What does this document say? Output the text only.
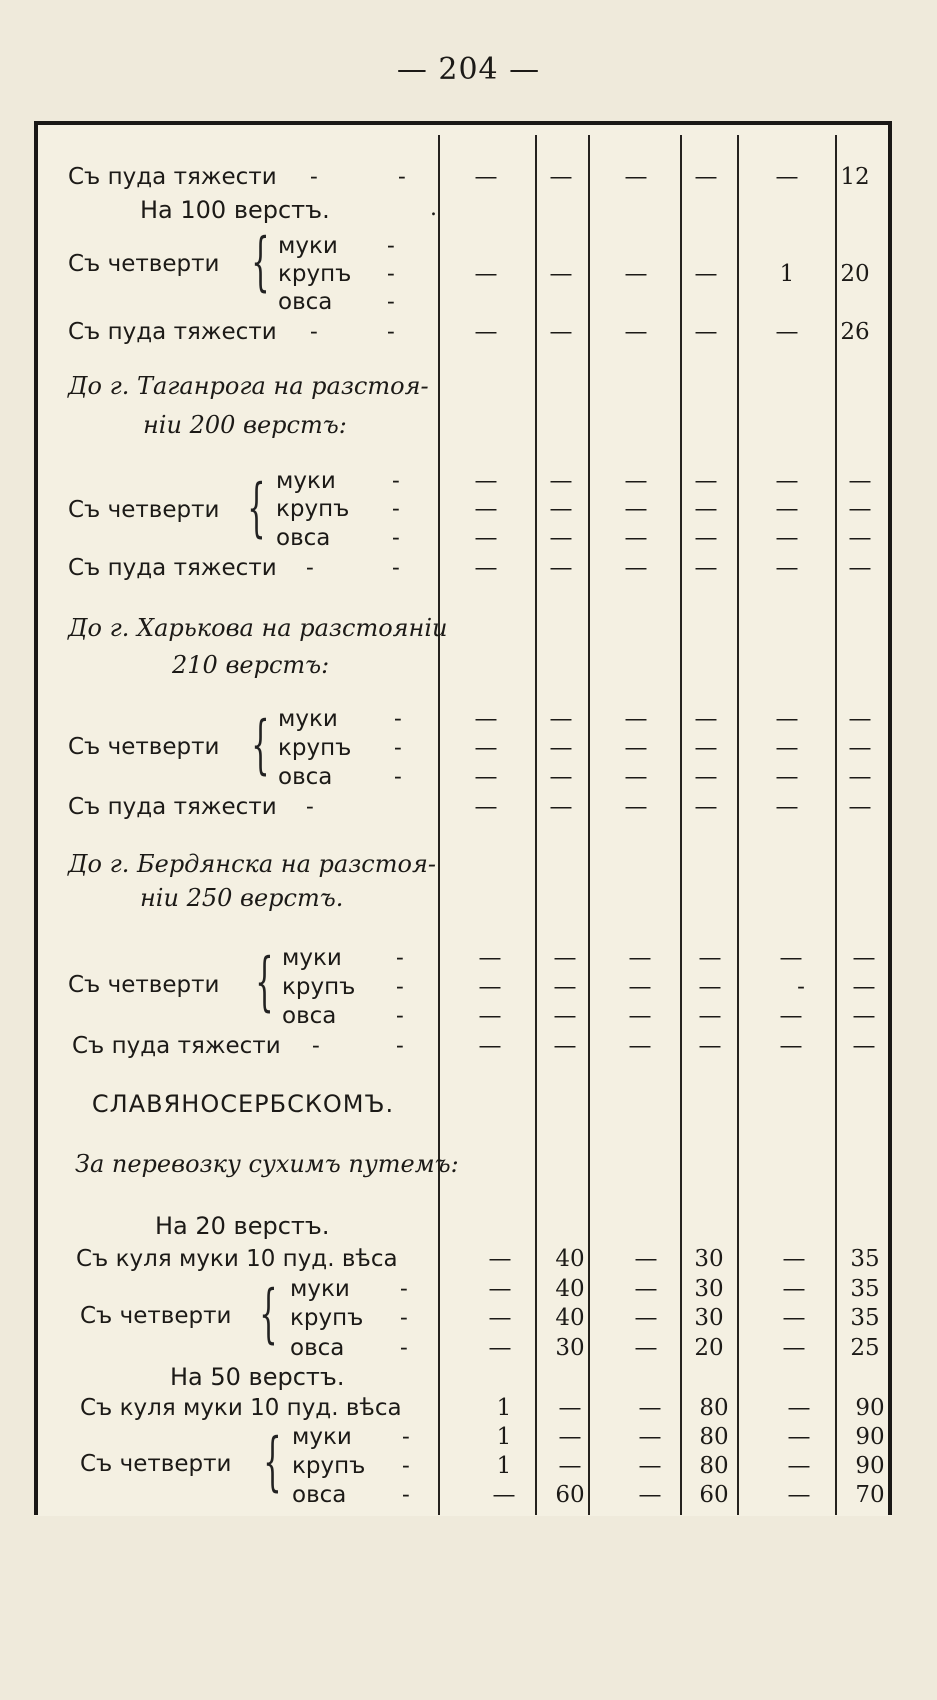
— 204 —
Съ пуда тяжести -	-	—	—	—	—	—	12
На 100 верстъ.	.
Съ четверти { муки -
крупъ -	—	—	—	—	1	20
овса -
Съ пуда тяжести -	-	—	—	—	—	—	26
До г. Таганрога на разстоя-
ніи 200 верстъ:
Съ четверти { муки -	—	—	—	—	—	—
крупъ -	—	—	—	—	—	—
овса	-	—	—	—	—	—	—
Съ пуда тяжести -	-	—	—	—	—	—	—
До г. Харькова на разстояніи
210 верстъ:
Съ четверти { муки -	—	—	—	—	—	—
крупъ -	—	—	—	—	—	—
овса	-	—	—	—	—	—	—
Съ пуда тяжести -	—	—	—	—	—	—
До г. Бердянска на разстоя-
ніи 250 верстъ.
Съ четверти { муки -	—	—	—	—	—	—
крупъ -	—	—	—	—	-	—
овса	-	—	—	—	—	—	—
Съ пуда тяжести -	-	—	—	—	—	—	—
СЛАВЯНОСЕРБСКОМЪ.
За перевозку сухимъ путемъ:
На 20 верстъ.
Съ куля муки 10 пуд. вѣса	—	40	—	30	—	35
Съ четверти { муки -	—	40	—	30	—	35
крупъ -	—	40	—	30	—	35
овса -	—	30	—	20	—	25
На 50 верстъ.
Съ куля муки 10 пуд. вѣса	1	—	—	80	—	90
Съ четверти { муки -	1	—	—	80	—	90
крупъ -	1	—	—	80	—	90
овса -	—	60	—	60	—	70
